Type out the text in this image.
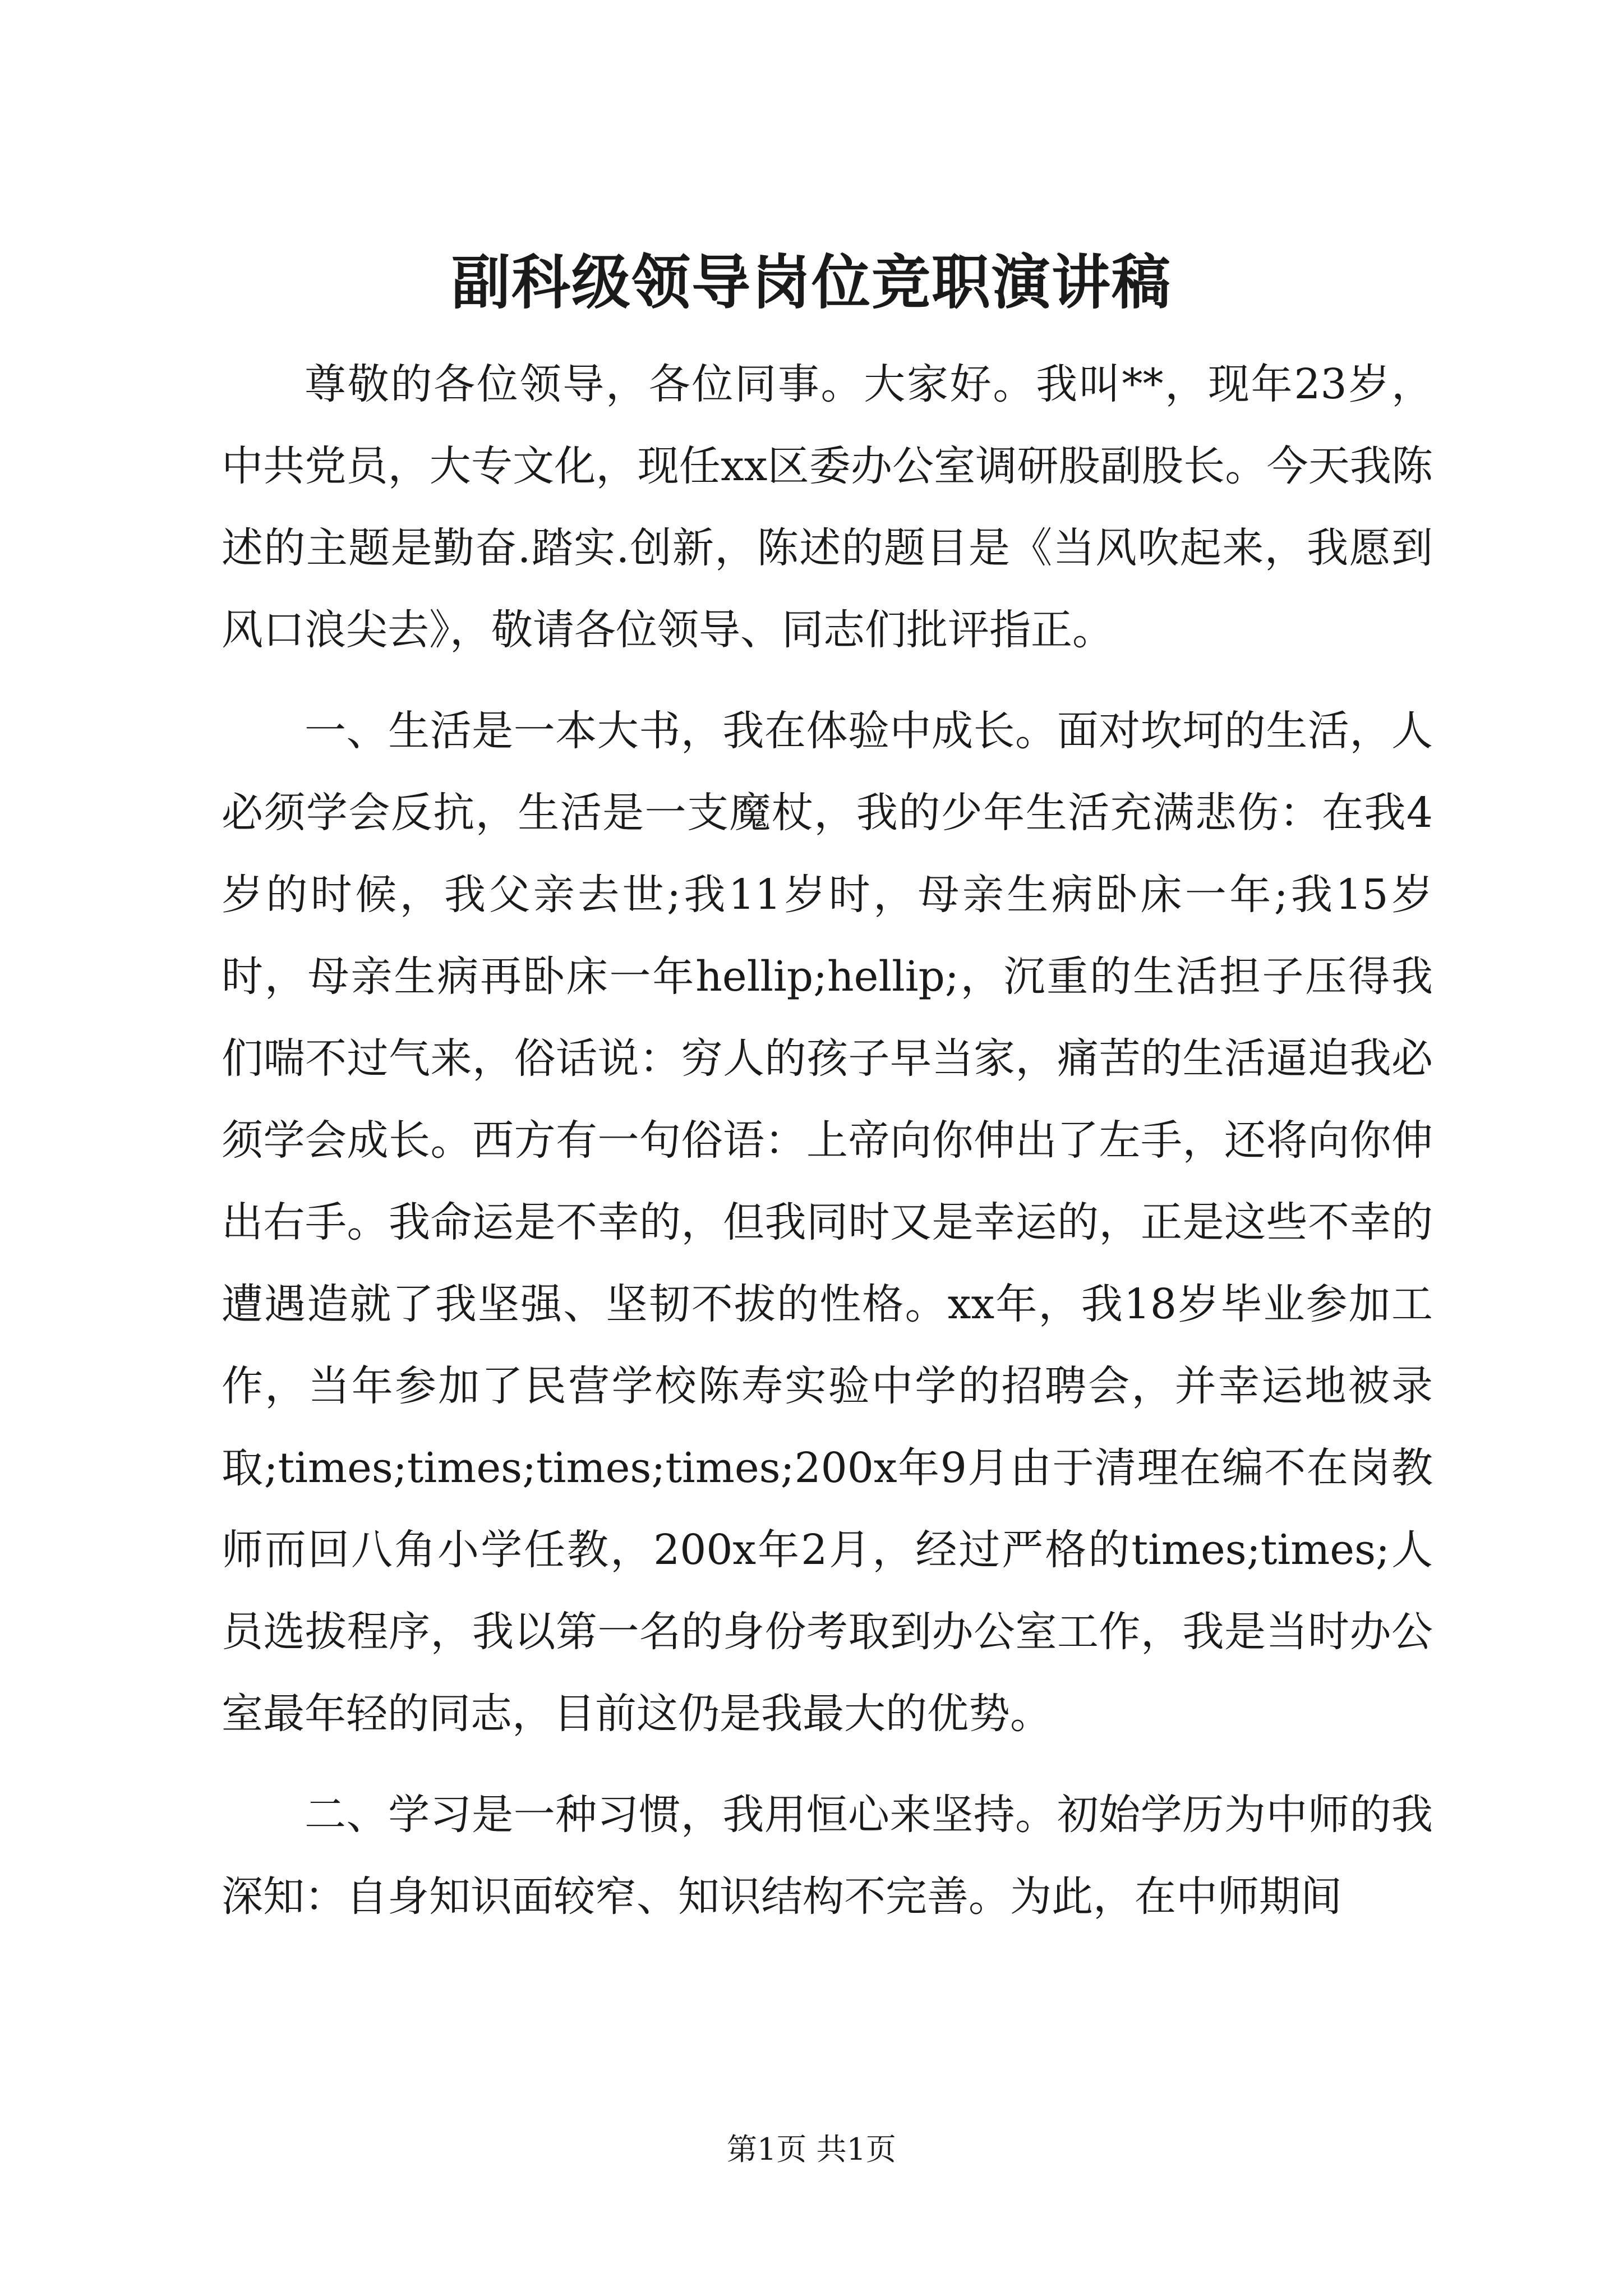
副科级领导岗位竞职演讲稿

尊敬的各位领导，各位同事。大家好。我叫**，现年23岁，中共党员，大专文化，现任xx区委办公室调研股副股长。今天我陈述的主题是勤奋.踏实.创新，陈述的题目是《当风吹起来，我愿到风口浪尖去》，敬请各位领导、同志们批评指正。

一、生活是一本大书，我在体验中成长。面对坎坷的生活，人必须学会反抗，生活是一支魔杖，我的少年生活充满悲伤：在我4岁的时候，我父亲去世;我11岁时，母亲生病卧床一年;我15岁时，母亲生病再卧床一年hellip;hellip;，沉重的生活担子压得我们喘不过气来，俗话说：穷人的孩子早当家，痛苦的生活逼迫我必须学会成长。西方有一句俗语：上帝向你伸出了左手，还将向你伸出右手。我命运是不幸的，但我同时又是幸运的，正是这些不幸的遭遇造就了我坚强、坚韧不拔的性格。xx年，我18岁毕业参加工作，当年参加了民营学校陈寿实验中学的招聘会，并幸运地被录取;times;times;times;times;200x年9月由于清理在编不在岗教师而回八角小学任教，200x年2月，经过严格的times;times;人员选拔程序，我以第一名的身份考取到办公室工作，我是当时办公室最年轻的同志，目前这仍是我最大的优势。

二、学习是一种习惯，我用恒心来坚持。初始学历为中师的我深知：自身知识面较窄、知识结构不完善。为此，在中师期间

第1页 共1页
